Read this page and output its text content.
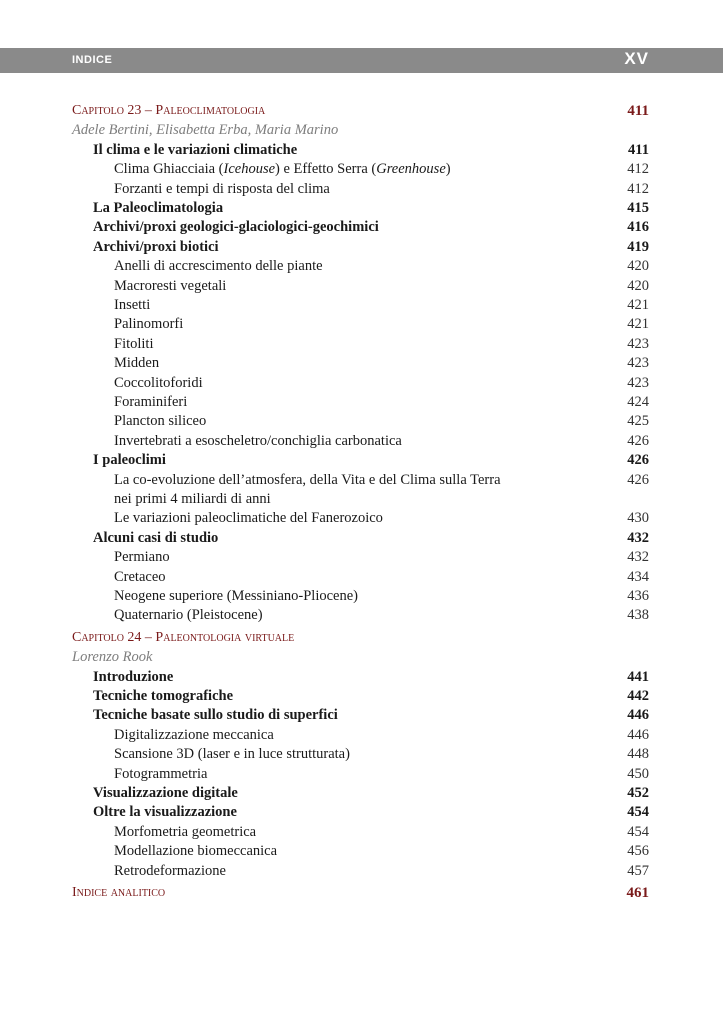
INDICE	XV
Capitolo 23 – Paleoclimatologia	411
Adele Bertini, Elisabetta Erba, Maria Marino
Il clima e le variazioni climatiche	411
Clima Ghiacciaia (Icehouse) e Effetto Serra (Greenhouse)	412
Forzanti e tempi di risposta del clima	412
La Paleoclimatologia	415
Archivi/proxi geologici-glaciologici-geochimici	416
Archivi/proxi biotici	419
Anelli di accrescimento delle piante	420
Macroresti vegetali	420
Insetti	421
Palinomorfi	421
Fitoliti	423
Midden	423
Coccolitoforidi	423
Foraminiferi	424
Plancton siliceo	425
Invertebrati a esoscheletro/conchiglia carbonatica	426
I paleoclimi	426
La co-evoluzione dell’atmosfera, della Vita e del Clima sulla Terra	426
nei primi 4 miliardi di anni
Le variazioni paleoclimatiche del Fanerozoico	430
Alcuni casi di studio	432
Permiano	432
Cretaceo	434
Neogene superiore (Messiniano-Pliocene)	436
Quaternario (Pleistocene)	438
Capitolo 24 – Paleontologia virtuale
Lorenzo Rook
Introduzione	441
Tecniche tomografiche	442
Tecniche basate sullo studio di superfici	446
Digitalizzazione meccanica	446
Scansione 3D (laser e in luce strutturata)	448
Fotogrammetria	450
Visualizzazione digitale	452
Oltre la visualizzazione	454
Morfometria geometrica	454
Modellazione biomeccanica	456
Retrodeformazione	457
Indice analitico	461
